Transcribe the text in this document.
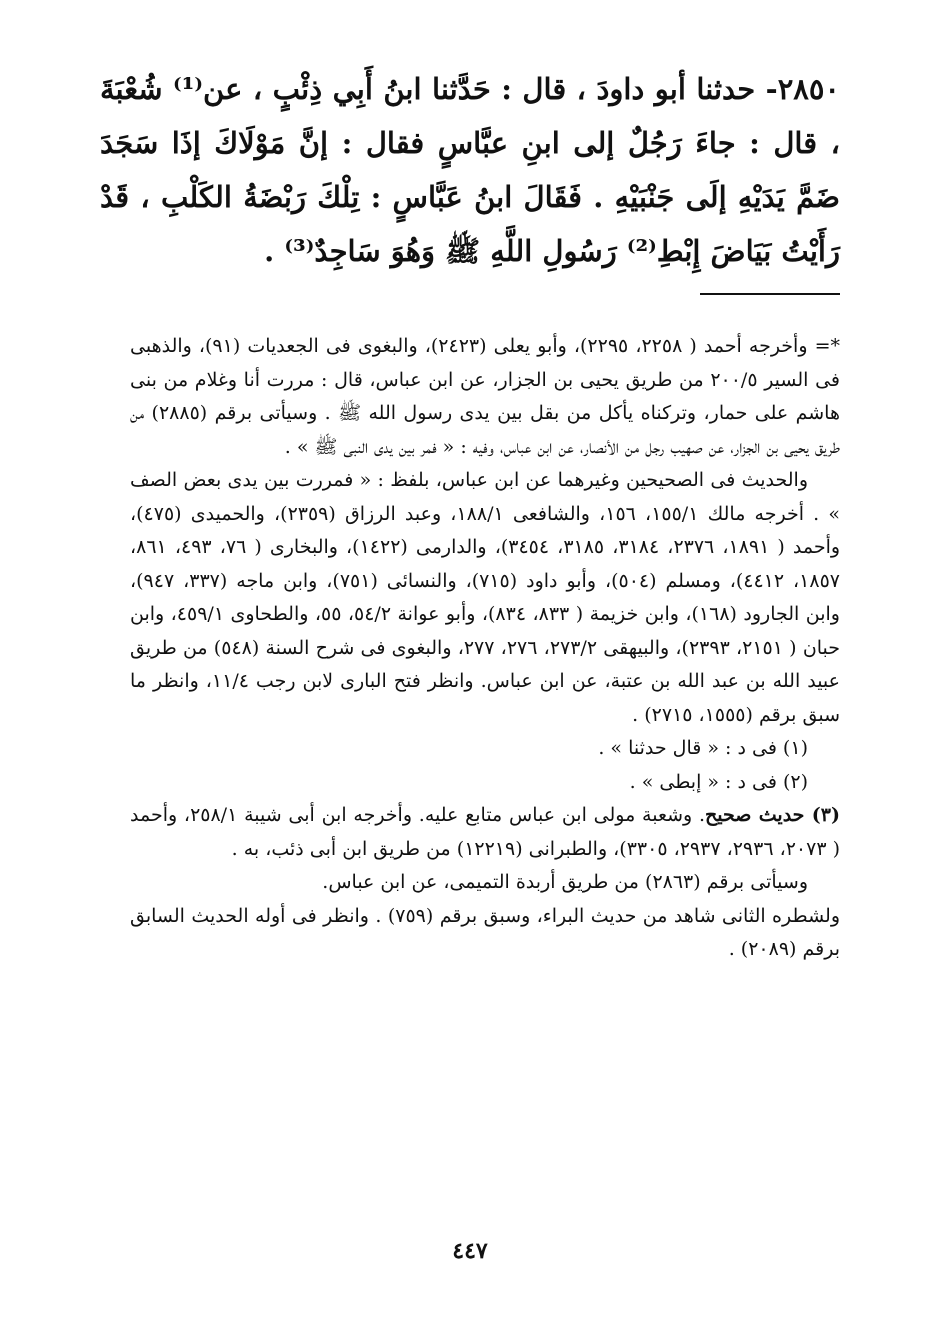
٢٨٥٠- حدثنا أبو داودَ ، قال : حَدَّثنا ابنُ أَبِي ذِئْبٍ ، عن⁽¹⁾ شُعْبَةَ ، قال : جاءَ رَجُلٌ إلى ابنِ عبَّاسٍ فقال : إنَّ مَوْلَاكَ إذَا سَجَدَ ضَمَّ يَدَيْهِ إلَى جَنْبَيْهِ . فَقَالَ ابنُ عَبَّاسٍ : تِلْكَ رَبْضَةُ الكَلْبِ ، قَدْ رَأَيْتُ بَيَاضَ إِبْطِ⁽²⁾ رَسُولِ اللَّهِ ﷺ وَهُوَ سَاجِدٌ⁽³⁾ .

*= وأخرجه أحمد ( ٢٢٥٨، ٢٢٩٥)، وأبو يعلى (٢٤٢٣)، والبغوى فى الجعديات (٩١)، والذهبى فى السير ٢٠٠/٥ من طريق يحيى بن الجزار، عن ابن عباس، قال : مررت أنا وغلام من بنى هاشم على حمار، وتركناه يأكل من بقل بين يدى رسول الله ﷺ . وسيأتى برقم (٢٨٨٥) من طريق يحيى بن الجزار، عن صهيب رجل من الأنصار، عن ابن عباس، وفيه : « فمر بين يدى النبى ﷺ » .

والحديث فى الصحيحين وغيرهما عن ابن عباس، بلفظ : « فمررت بين يدى بعض الصف » . أخرجه مالك ١٥٥/١، ١٥٦، والشافعى ١٨٨/١، وعبد الرزاق (٢٣٥٩)، والحميدى (٤٧٥)، وأحمد ( ١٨٩١، ٢٣٧٦، ٣١٨٤، ٣١٨٥، ٣٤٥٤)، والدارمى (١٤٢٢)، والبخارى ( ٧٦، ٤٩٣، ٨٦١، ١٨٥٧، ٤٤١٢)، ومسلم (٥٠٤)، وأبو داود (٧١٥)، والنسائى (٧٥١)، وابن ماجه (٣٣٧، ٩٤٧)، وابن الجارود (١٦٨)، وابن خزيمة ( ٨٣٣، ٨٣٤)، وأبو عوانة ٥٤/٢، ٥٥، والطحاوى ٤٥٩/١، وابن حبان ( ٢١٥١، ٢٣٩٣)، والبيهقى ٢٧٣/٢، ٢٧٦، ٢٧٧، والبغوى فى شرح السنة (٥٤٨) من طريق عبيد الله بن عبد الله بن عتبة، عن ابن عباس. وانظر فتح البارى لابن رجب ١١/٤، وانظر ما سبق برقم (١٥٥٥، ٢٧١٥) .

(١) فى د : « قال حدثنا » .

(٢) فى د : « إبطى » .

(٣) حديث صحيح. وشعبة مولى ابن عباس متابع عليه. وأخرجه ابن أبى شيبة ٢٥٨/١، وأحمد ( ٢٠٧٣، ٢٩٣٦، ٢٩٣٧، ٣٣٠٥)، والطبرانى (١٢٢١٩) من طريق ابن أبى ذئب، به .

وسيأتى برقم (٢٨٦٣) من طريق أربدة التميمى، عن ابن عباس.

ولشطره الثانى شاهد من حديث البراء، وسبق برقم (٧٥٩) . وانظر فى أوله الحديث السابق برقم (٢٠٨٩) .

٤٤٧
